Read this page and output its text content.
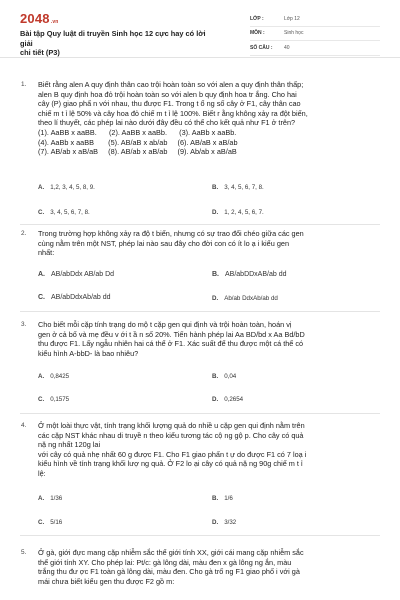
2048.vn
Bài tập Quy luật di truyền Sinh học 12 cực hay có lời giải
chi tiết (P3)
LỚP :	Lớp 12
MÔN :	Sinh học
SỐ CÂU :	40
1. Biết rằng alen A quy định thân cao trội hoàn toàn so với alen a quy định thân thấp;
alen B quy định hoa đỏ trội hoàn toàn so với alen b quy định hoa tr ắng. Cho hai
cây (P) giao phấ n với nhau, thu được F1. Trong t ổ ng số cây ở F1, cây thân cao
chiế m t ỉ lệ 50% và cây hoa đỏ chiế m t ỉ lệ 100%. Biết r ằng không xảy ra đột biến,
theo lí thuyết, các phép lai nào dưới đây đều có thể cho kết quả như F1 ở trên?
(1). AaBB x aaBB.      (2). AaBB x aaBb.      (3). AaBb x aaBb.
(4). AaBb x aaBB       (5). AB/aB x ab/ab     (6). AB/aB x aB/ab
(7). AB/ab x aB/aB     (8). AB/ab x aB/ab     (9). Ab/ab x aB/aB
A. 1,2, 3, 4, 5, 8, 9.	B. 3, 4, 5, 6, 7, 8.
C. 3, 4, 5, 6, 7, 8.	D. 1, 2, 4, 5, 6, 7.
2. Trong trường hợp không xảy ra độ t biến, nhưng có sự trao đổi chéo giữa các gen
cùng nằm trên một NST, phép lai nào sau đây cho đời con có ít lo ạ i kiểu gen
nhất:
A. AB/abDdx AB/ab Dd	B. AB/abDDxAB/ab dd
C. AB/abDdxAb/ab dd	D. Ab/ab DdxAb/ab dd
3. Cho biết mỗi cặp tính trạng do mộ t cặp gen qui định và trội hoàn toàn, hoán vị
gen ở cả bố và mẹ đều v ới t ầ n số 20%. Tiến hành phép lai Aa BD/bd x Aa Bd/bD
thu được F1. Lấy ngẫu nhiên hai cá thể ở F1. Xác suất để thu được một cá thể có
kiểu hình A-bbD- là bao nhiêu?
A. 0,8425	B. 0,04
C. 0,1575	D. 0,2654
4. Ở một loài thực vật, tính trạng khối lượng quả do nhiề u cặp gen qui định nằm trên
các cặp NST khác nhau di truyề n theo kiểu tương tác cộ ng gộ p. Cho cây có quả
nặ ng nhất 120g lai
với cây có quả nhẹ nhất 60 g được F1. Cho F1 giao phấn t ự do được F1 có 7 loạ i
kiểu hình về tính trạng khối lượ ng quả. Ở F2 lo ại cây có quả nặ ng 90g chiế m t ỉ
lệ:
A. 1/36	B. 1/6
C. 5/16	D. 3/32
5. Ở gà, giới đực mang cặp nhiễm sắc thể giới tính XX, giới cái mang cặp nhiễm sắc
thể giới tính XY. Cho phép lai: Pt/c: gà lông dài, màu đen x gà lông ng ắn, màu
trắng thu đư ợc F1 toàn gà lông dài, màu đen. Cho gà trố ng F1 giao phố i với gà
mái chưa biết kiểu gen thu được F2 gồ m:
